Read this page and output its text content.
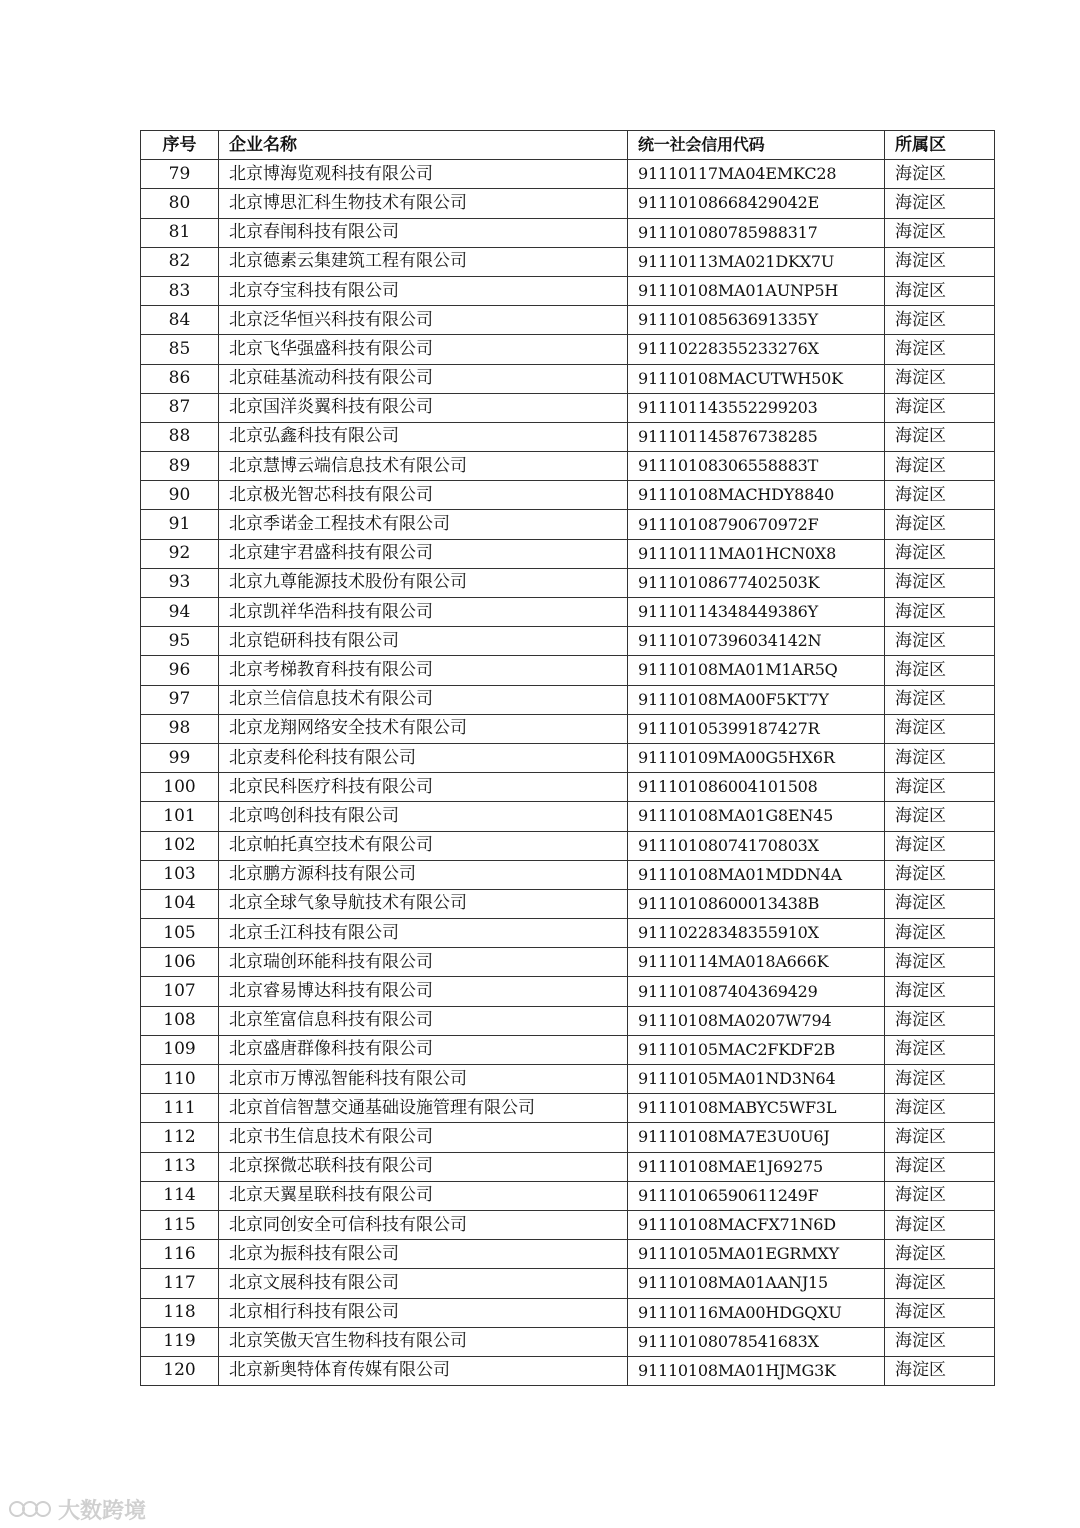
序号	企业名称	统一社会信用代码	所属区
79	北京博海览观科技有限公司	91110117MA04EMKC28	海淀区
80	北京博思汇科生物技术有限公司	91110108668429042E	海淀区
81	北京春闱科技有限公司	911101080785988317	海淀区
82	北京德素云集建筑工程有限公司	91110113MA021DKX7U	海淀区
83	北京夺宝科技有限公司	91110108MA01AUNP5H	海淀区
84	北京泛华恒兴科技有限公司	91110108563691335Y	海淀区
85	北京飞华强盛科技有限公司	91110228355233276X	海淀区
86	北京硅基流动科技有限公司	91110108MACUTWH50K	海淀区
87	北京国洋炎翼科技有限公司	911101143552299203	海淀区
88	北京弘鑫科技有限公司	911101145876738285	海淀区
89	北京慧博云端信息技术有限公司	91110108306558883T	海淀区
90	北京极光智芯科技有限公司	91110108MACHDY8840	海淀区
91	北京季诺金工程技术有限公司	91110108790670972F	海淀区
92	北京建宇君盛科技有限公司	91110111MA01HCN0X8	海淀区
93	北京九尊能源技术股份有限公司	91110108677402503K	海淀区
94	北京凯祥华浩科技有限公司	91110114348449386Y	海淀区
95	北京铠研科技有限公司	91110107396034142N	海淀区
96	北京考梯教育科技有限公司	91110108MA01M1AR5Q	海淀区
97	北京兰信信息技术有限公司	91110108MA00F5KT7Y	海淀区
98	北京龙翔网络安全技术有限公司	91110105399187427R	海淀区
99	北京麦科伦科技有限公司	91110109MA00G5HX6R	海淀区
100	北京民科医疗科技有限公司	911101086004101508	海淀区
101	北京鸣创科技有限公司	91110108MA01G8EN45	海淀区
102	北京帕托真空技术有限公司	91110108074170803X	海淀区
103	北京鹏方源科技有限公司	91110108MA01MDDN4A	海淀区
104	北京全球气象导航技术有限公司	91110108600013438B	海淀区
105	北京壬江科技有限公司	91110228348355910X	海淀区
106	北京瑞创环能科技有限公司	91110114MA018A666K	海淀区
107	北京睿易博达科技有限公司	911101087404369429	海淀区
108	北京笙富信息科技有限公司	91110108MA0207W794	海淀区
109	北京盛唐群像科技有限公司	91110105MAC2FKDF2B	海淀区
110	北京市万博泓智能科技有限公司	91110105MA01ND3N64	海淀区
111	北京首信智慧交通基础设施管理有限公司	91110108MABYC5WF3L	海淀区
112	北京书生信息技术有限公司	91110108MA7E3U0U6J	海淀区
113	北京探微芯联科技有限公司	91110108MAE1J69275	海淀区
114	北京天翼星联科技有限公司	91110106590611249F	海淀区
115	北京同创安全可信科技有限公司	91110108MACFX71N6D	海淀区
116	北京为振科技有限公司	91110105MA01EGRMXY	海淀区
117	北京文展科技有限公司	91110108MA01AANJ15	海淀区
118	北京相行科技有限公司	91110116MA00HDGQXU	海淀区
119	北京笑傲天宫生物科技有限公司	91110108078541683X	海淀区
120	北京新奥特体育传媒有限公司	91110108MA01HJMG3K	海淀区
大数跨境
